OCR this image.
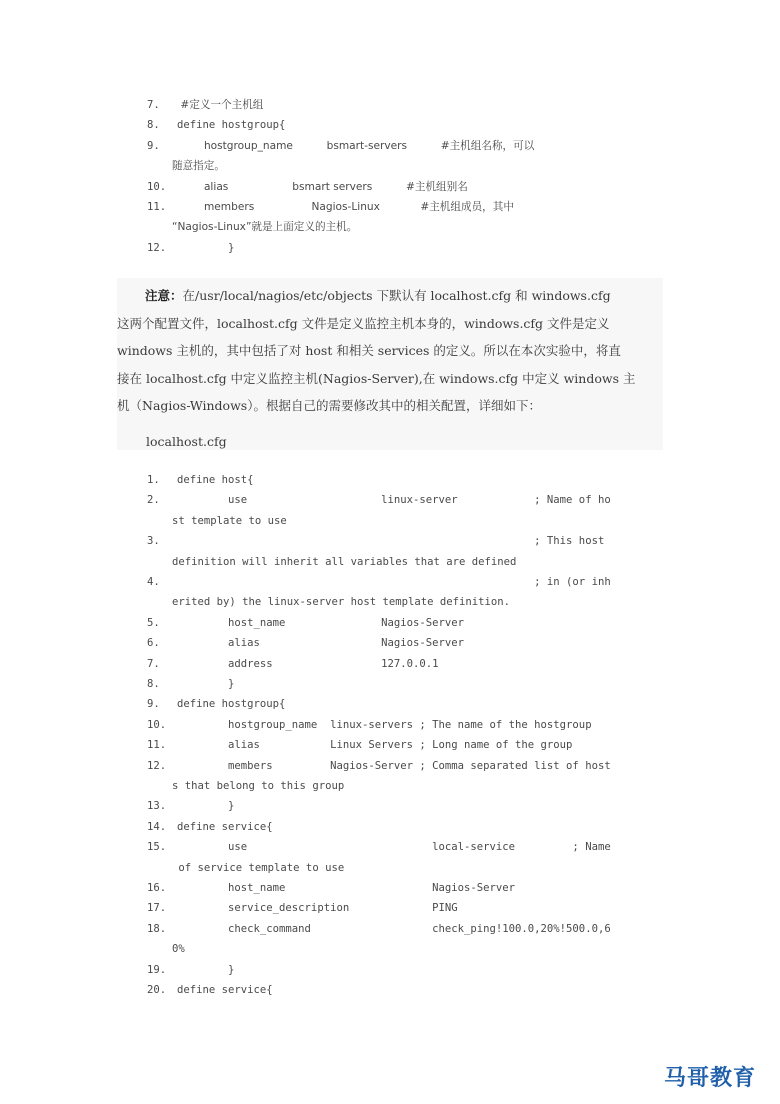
7. #定义一个主机组
8. define hostgroup{
9. hostgroup_name          bsmart-servers          #主机组名称，可以
随意指定。
10. alias                   bsmart servers          #主机组别名
11. members                 Nagios-Linux            #主机组成员，其中
“Nagios-Linux”就是上面定义的主机。
12. }
注意：在/usr/local/nagios/etc/objects 下默认有 localhost.cfg 和 windows.cfg
这两个配置文件，localhost.cfg 文件是定义监控主机本身的，windows.cfg 文件是定义
windows 主机的，其中包括了对 host 和相关 services 的定义。所以在本次实验中，将直
接在 localhost.cfg 中定义监控主机(Nagios-Server),在 windows.cfg 中定义 windows 主
机（Nagios-Windows）。根据自己的需要修改其中的相关配置，详细如下：
localhost.cfg
1. define host{
2. use                     linux-server            ; Name of ho
st template to use
3. ; This host
definition will inherit all variables that are defined
4. ; in (or inh
erited by) the linux-server host template definition.
5. host_name               Nagios-Server
6. alias                   Nagios-Server
7. address                 127.0.0.1
8. }
9. define hostgroup{
10. hostgroup_name  linux-servers ; The name of the hostgroup
11. alias           Linux Servers ; Long name of the group
12. members         Nagios-Server ; Comma separated list of host
s that belong to this group
13. }
14. define service{
15. use                             local-service         ; Name
of service template to use
16. host_name                       Nagios-Server
17. service_description             PING
18. check_command                   check_ping!100.0,20%!500.0,6
0%
19. }
20. define service{
马哥教育
